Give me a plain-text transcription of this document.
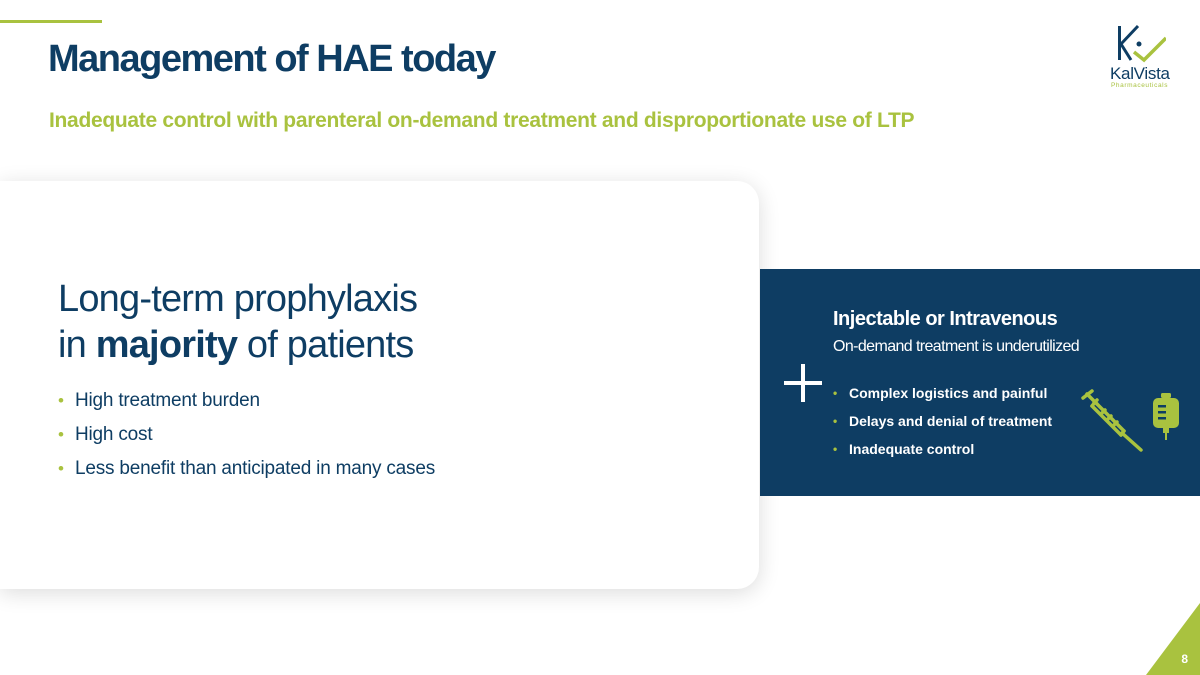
Management of HAE today
Inadequate control with parenteral on-demand treatment and disproportionate use of LTP
KalVista
Pharmaceuticals
Long-term prophylaxis
in majority of patients
• High treatment burden
• High cost
• Less benefit than anticipated in many cases
Injectable or Intravenous
On-demand treatment is underutilized
• Complex logistics and painful
• Delays and denial of treatment
• Inadequate control
8
